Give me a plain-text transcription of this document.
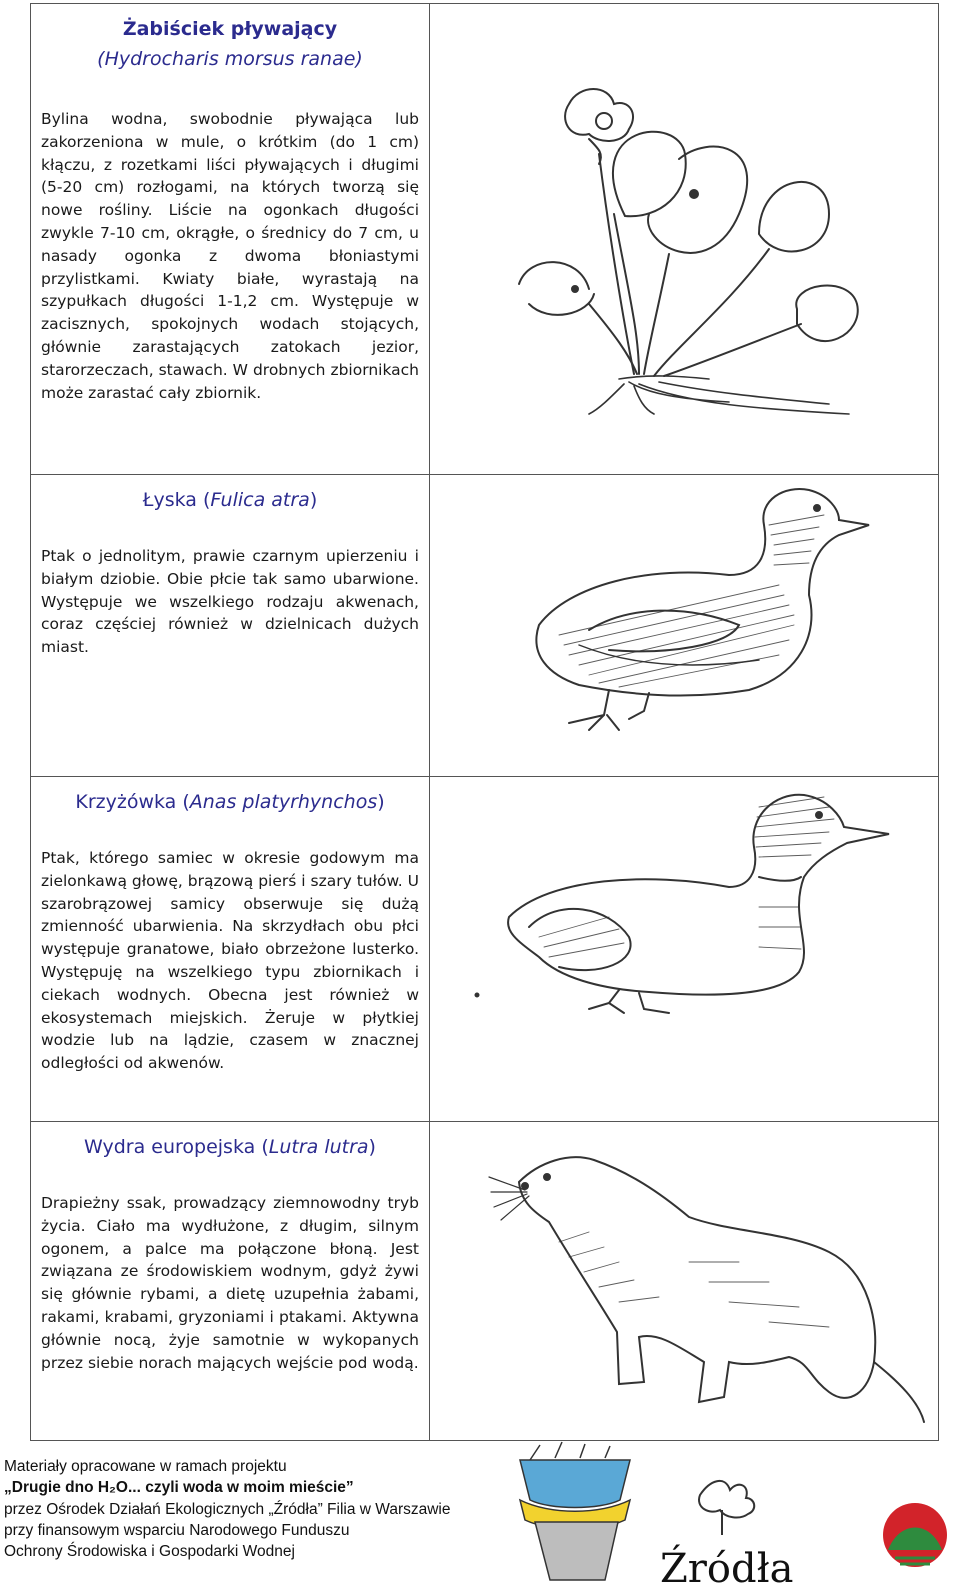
Żabiściek pływający
(Hydrocharis morsus ranae)

Bylina wodna, swobodnie pływająca lub zakorzeniona w mule, o krótkim (do 1 cm) kłączu, z rozetkami liści pływających i długimi (5-20 cm) rozłogami, na których tworzą się nowe rośliny. Liście na ogonkach długości zwykle 7-10 cm, okrągłe, o średnicy do 7 cm, u nasady ogonka z dwoma błoniastymi przylistkami. Kwiaty białe, wyrastają na szypułkach długości 1-1,2 cm. Występuje w zacisznych, spokojnych wodach stojących, głównie zarastających zatokach jezior, starorzeczach, stawach. W drobnych zbiornikach może zarastać cały zbiornik.

Łyska (Fulica atra)

Ptak o jednolitym, prawie czarnym upierzeniu i białym dziobie. Obie płcie tak samo ubarwione. Występuje we wszelkiego rodzaju akwenach, coraz częściej również w dzielnicach dużych miast.

Krzyżówka (Anas platyrhynchos)

Ptak, którego samiec w okresie godowym ma zielonkawą głowę, brązową pierś i szary tułów. U szarobrązowej samicy obserwuje się dużą zmienność ubarwienia. Na skrzydłach obu płci występuje granatowe, biało obrzeżone lusterko. Występuję na wszelkiego typu zbiornikach i ciekach wodnych. Obecna jest również w ekosystemach miejskich. Żeruje w płytkiej wodzie lub na lądzie, czasem w znacznej odległości od akwenów.

Wydra europejska (Lutra lutra)

Drapieżny ssak, prowadzący ziemnowodny tryb życia. Ciało ma wydłużone, z długim, silnym ogonem, a palce ma połączone błoną. Jest związana ze środowiskiem wodnym, gdyż żywi się głównie rybami, a dietę uzupełnia żabami, rakami, krabami, gryzoniami i ptakami. Aktywna głównie nocą, żyje samotnie w wykopanych przez siebie norach mających wejście pod wodą.

Materiały opracowane w ramach projektu
„Drugie dno H₂O... czyli woda w moim mieście”
przez Ośrodek Działań Ekologicznych „Źródła” Filia w Warszawie
przy finansowym wsparciu Narodowego Funduszu
Ochrony Środowiska i Gospodarki Wodnej	Źródła
